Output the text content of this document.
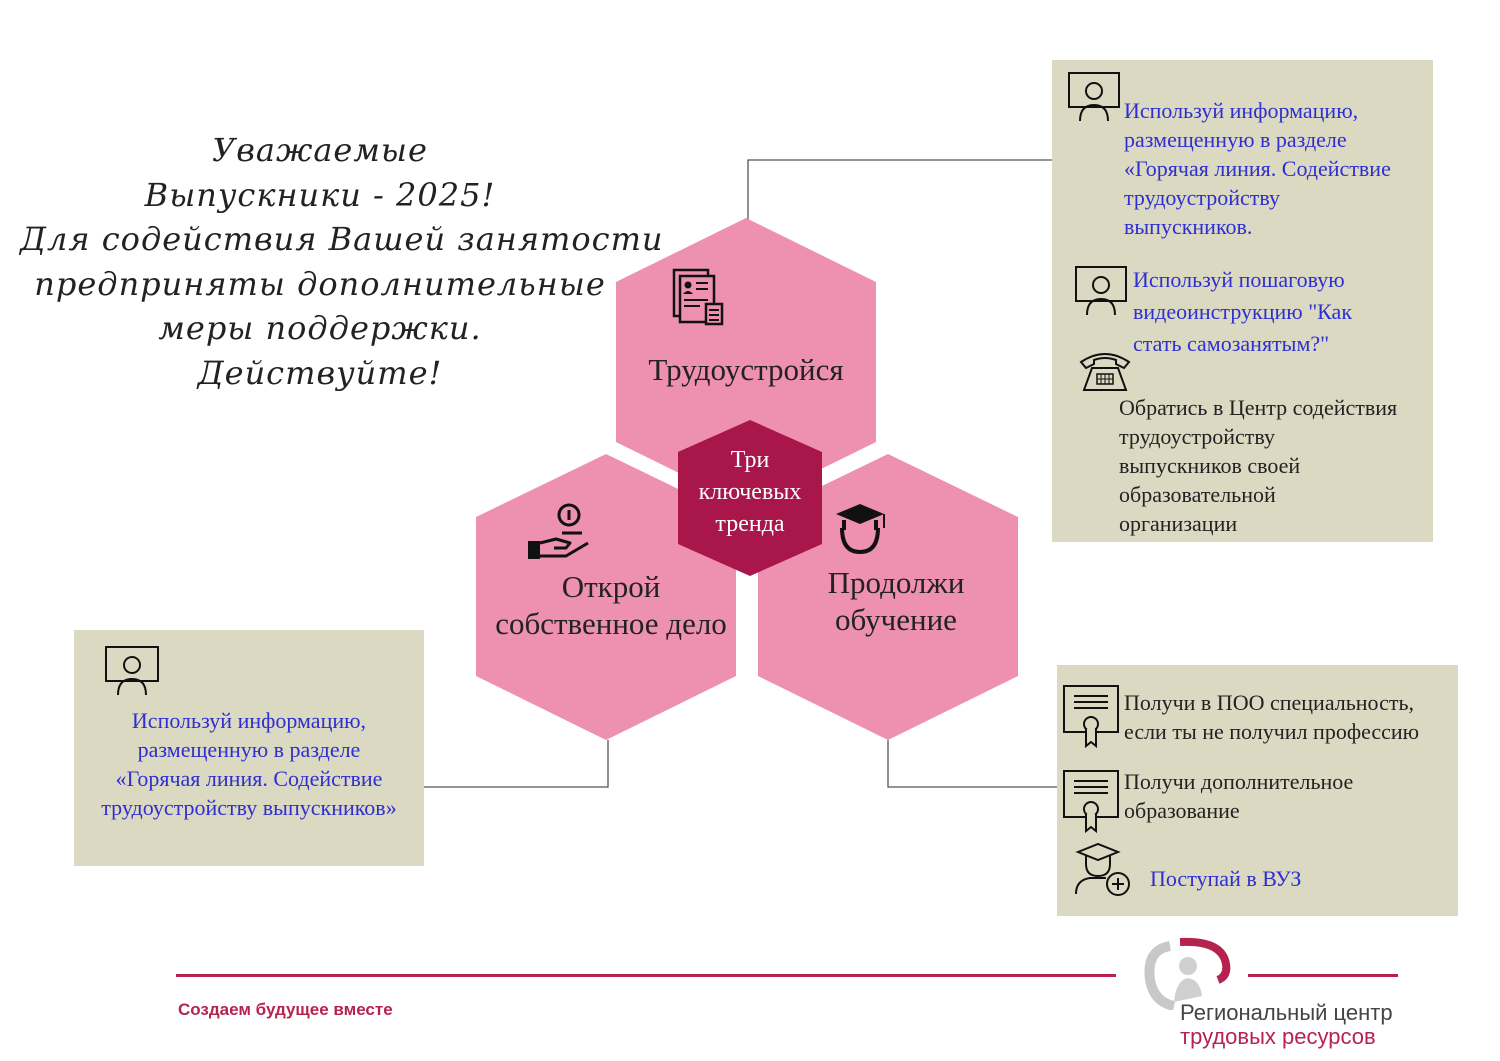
Уважаемые
Выпускники - 2025!
Для содействия Вашей занятости
предприняты дополнительные
меры поддержки.
Действуйте!
Три
ключевых
тренда
Трудоустройся
Открой
собственное дело
Продолжи
обучение
Используй информацию,
размещенную в разделе
«Горячая линия. Содействие
трудоустройству
выпускников.
Используй пошаговую
видеоинструкцию "Как
стать самозанятым?"
Обратись в Центр содействия
трудоустройству
выпускников своей
образовательной
организации
Используй информацию,
размещенную в разделе
«Горячая линия. Содействие
трудоустройству выпускников»
Получи в ПОО специальность,
если ты не получил профессию
Получи дополнительное
образование
Поступай в ВУЗ
Создаем будущее вместе	Региональный центр
трудовых ресурсов
